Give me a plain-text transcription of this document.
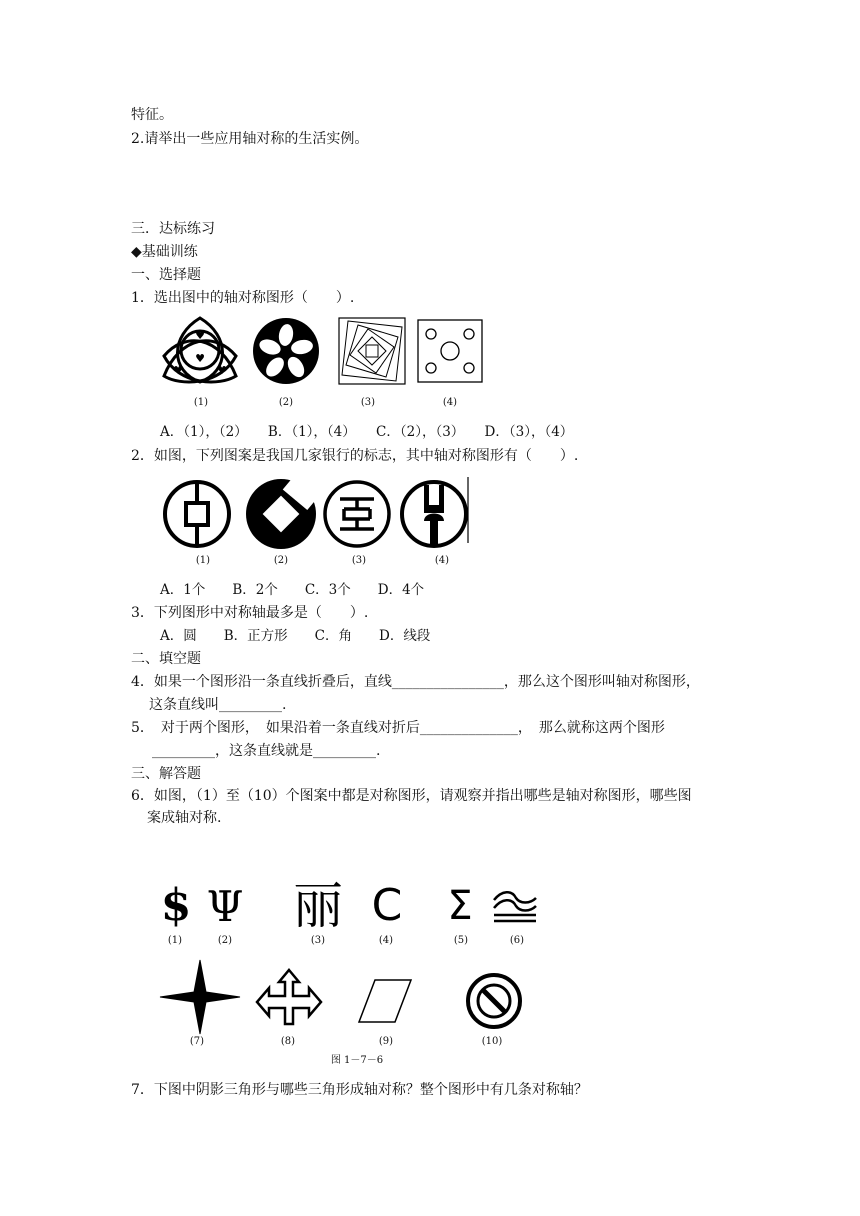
特征。
2.请举出一些应用轴对称的生活实例。
三．达标练习
◆基础训练
一、选择题
1．选出图中的轴对称图形（　　）.
♥
♥	♥
♥
(1)	(2)	(3)	(4)
A．（1），（2）　　B．（1），（4）　　C．（2），（3）　　D．（3），（4）
2．如图，下列图案是我国几家银行的标志，其中轴对称图形有（　　）.
(1)	(2)	(3)	(4)
A．1个　　B．2个　　C．3个　　D．4个
3．下列图形中对称轴最多是（　　）.
A．圆　　B．正方形　　C．角　　D．线段
二、填空题
4．如果一个图形沿一条直线折叠后，直线________________，那么这个图形叫轴对称图形，
这条直线叫_________.
5．　对于两个图形，　如果沿着一条直线对折后______________，　那么就称这两个图形
_________，这条直线就是_________.
三、解答题
6．如图，（1）至（10）个图案中都是对称图形，请观察并指出哪些是轴对称图形，哪些图
案成轴对称.
$ Ψ 丽 C Σ
(1)	(2)	(3)	(4)	(5)	(6)
(7)	(8)	(9)	(10)
图 1－7－6
7．下图中阴影三角形与哪些三角形成轴对称？整个图形中有几条对称轴？
